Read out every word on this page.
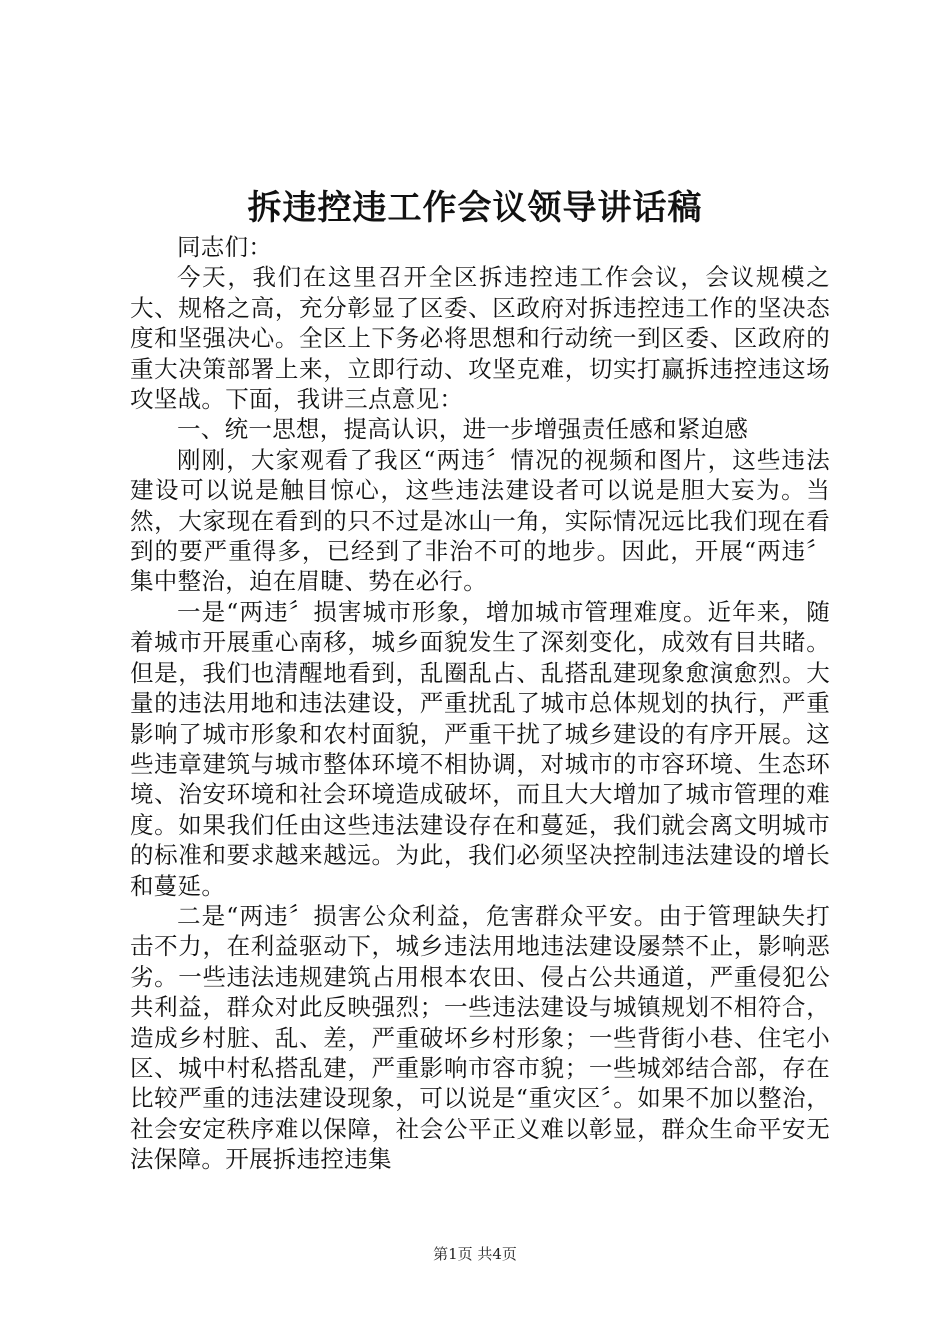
拆违控违工作会议领导讲话稿

同志们：

今天，我们在这里召开全区拆违控违工作会议，会议规模之大、规格之高，充分彰显了区委、区政府对拆违控违工作的坚决态度和坚强决心。全区上下务必将思想和行动统一到区委、区政府的重大决策部署上来，立即行动、攻坚克难，切实打赢拆违控违这场攻坚战。下面，我讲三点意见：

一、统一思想，提高认识，进一步增强责任感和紧迫感

刚刚，大家观看了我区“两违〞情况的视频和图片，这些违法建设可以说是触目惊心，这些违法建设者可以说是胆大妄为。当然，大家现在看到的只不过是冰山一角，实际情况远比我们现在看到的要严重得多，已经到了非治不可的地步。因此，开展“两违〞集中整治，迫在眉睫、势在必行。

一是“两违〞损害城市形象，增加城市管理难度。近年来，随着城市开展重心南移，城乡面貌发生了深刻变化，成效有目共睹。但是，我们也清醒地看到，乱圈乱占、乱搭乱建现象愈演愈烈。大量的违法用地和违法建设，严重扰乱了城市总体规划的执行，严重影响了城市形象和农村面貌，严重干扰了城乡建设的有序开展。这些违章建筑与城市整体环境不相协调，对城市的市容环境、生态环境、治安环境和社会环境造成破坏，而且大大增加了城市管理的难度。如果我们任由这些违法建设存在和蔓延，我们就会离文明城市的标准和要求越来越远。为此，我们必须坚决控制违法建设的增长和蔓延。

二是“两违〞损害公众利益，危害群众平安。由于管理缺失打击不力，在利益驱动下，城乡违法用地违法建设屡禁不止，影响恶劣。一些违法违规建筑占用根本农田、侵占公共通道，严重侵犯公共利益，群众对此反映强烈；一些违法建设与城镇规划不相符合，造成乡村脏、乱、差，严重破坏乡村形象；一些背街小巷、住宅小区、城中村私搭乱建，严重影响市容市貌；一些城郊结合部，存在比较严重的违法建设现象，可以说是“重灾区〞。如果不加以整治，社会安定秩序难以保障，社会公平正义难以彰显，群众生命平安无法保障。开展拆违控违集

第1页 共4页
